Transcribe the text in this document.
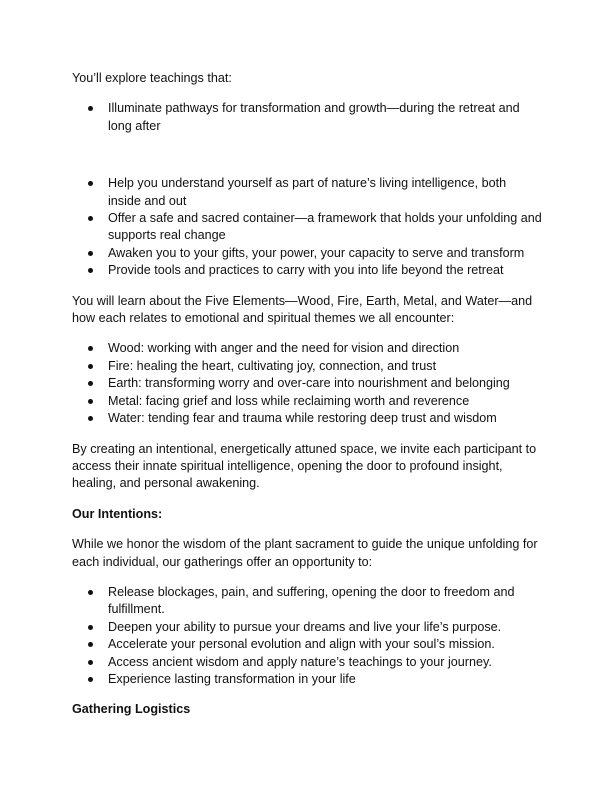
You’ll explore teachings that:

Illuminate pathways for transformation and growth—during the retreat and long after
Help you understand yourself as part of nature’s living intelligence, both inside and out
Offer a safe and sacred container—a framework that holds your unfolding and supports real change
Awaken you to your gifts, your power, your capacity to serve and transform
Provide tools and practices to carry with you into life beyond the retreat

You will learn about the Five Elements—Wood, Fire, Earth, Metal, and Water—and how each relates to emotional and spiritual themes we all encounter:

Wood: working with anger and the need for vision and direction
Fire: healing the heart, cultivating joy, connection, and trust
Earth: transforming worry and over-care into nourishment and belonging
Metal: facing grief and loss while reclaiming worth and reverence
Water: tending fear and trauma while restoring deep trust and wisdom

By creating an intentional, energetically attuned space, we invite each participant to access their innate spiritual intelligence, opening the door to profound insight, healing, and personal awakening.

Our Intentions:

While we honor the wisdom of the plant sacrament to guide the unique unfolding for each individual, our gatherings offer an opportunity to:

Release blockages, pain, and suffering, opening the door to freedom and fulfillment.
Deepen your ability to pursue your dreams and live your life’s purpose.
Accelerate your personal evolution and align with your soul’s mission.
Access ancient wisdom and apply nature’s teachings to your journey.
Experience lasting transformation in your life

Gathering Logistics
